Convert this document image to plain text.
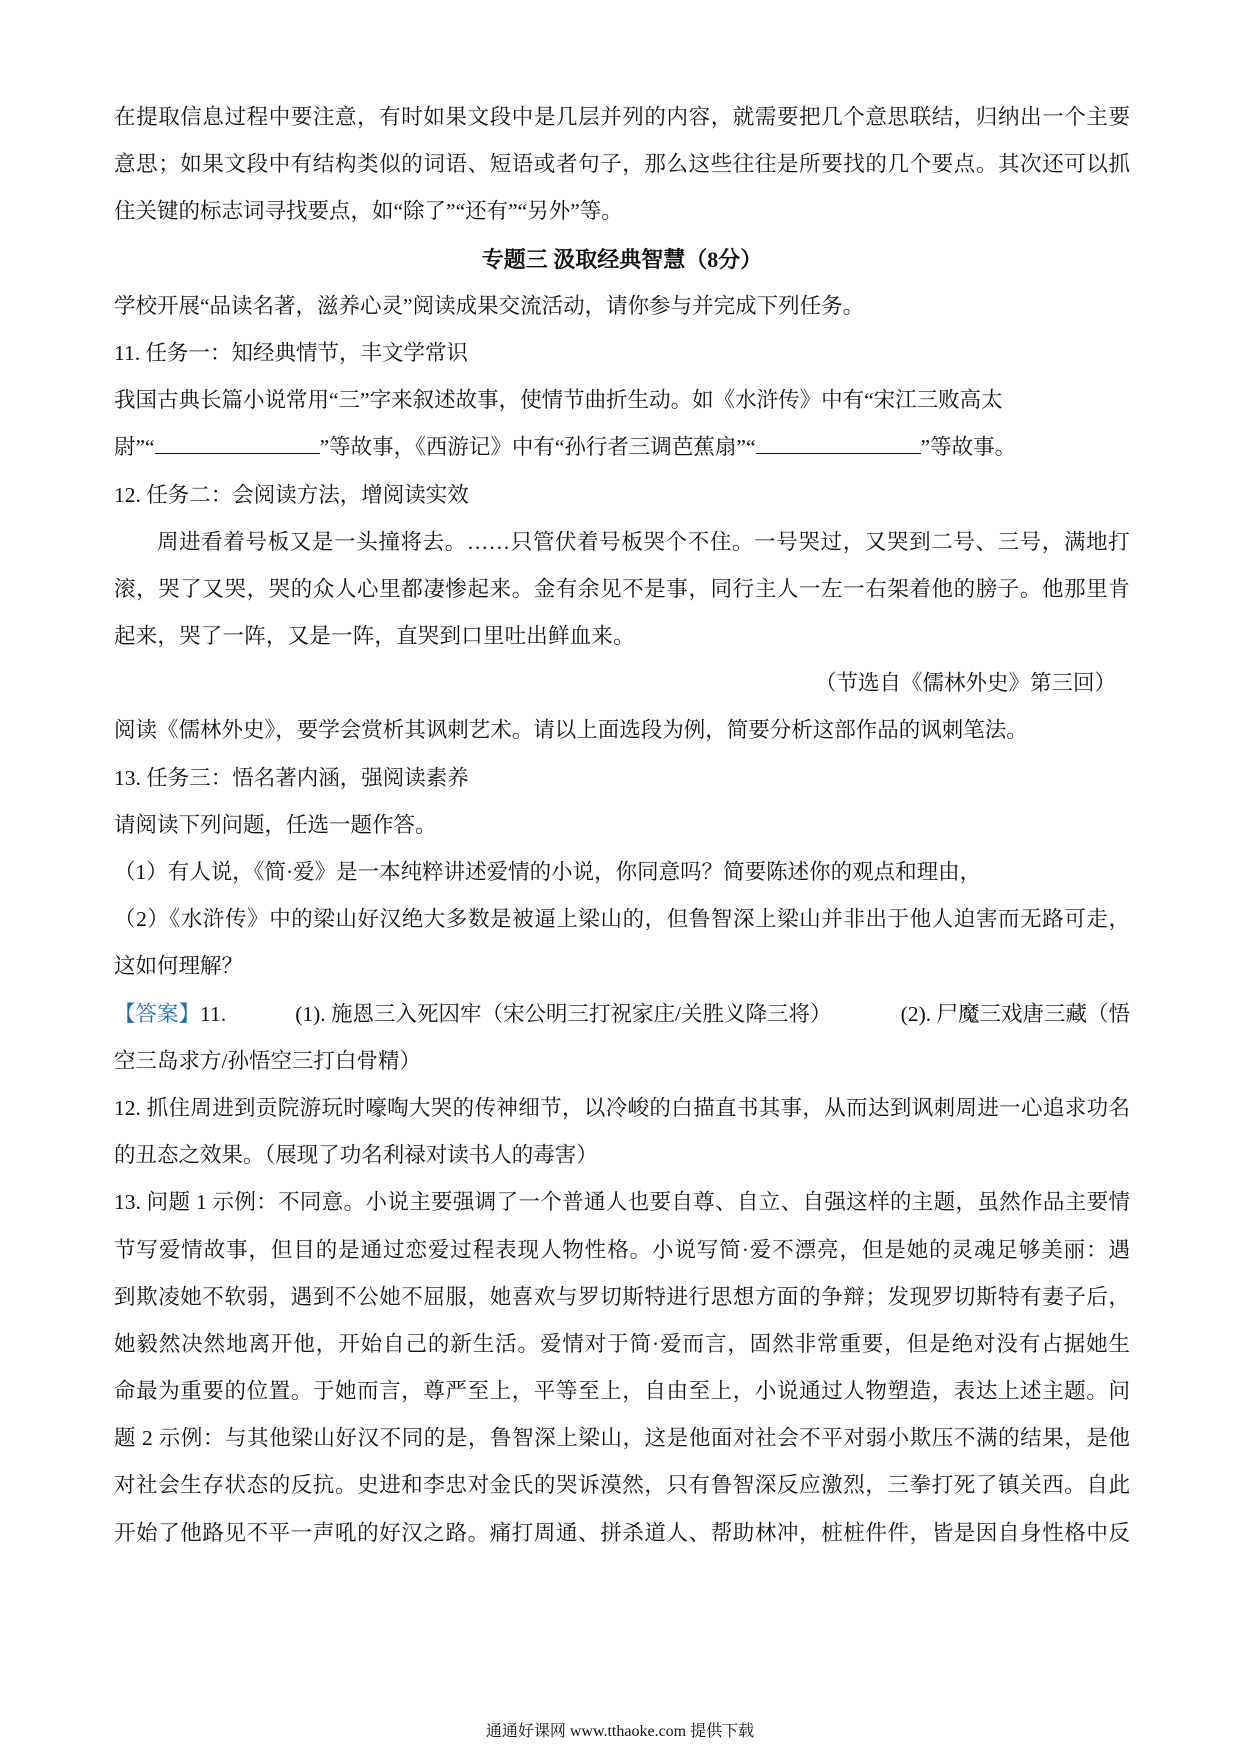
在提取信息过程中要注意，有时如果文段中是几层并列的内容，就需要把几个意思联结，归纳出一个主要
意思；如果文段中有结构类似的词语、短语或者句子，那么这些往往是所要找的几个要点。其次还可以抓
住关键的标志词寻找要点，如“除了”“还有”“另外”等。
专题三 汲取经典智慧（8分）
学校开展“品读名著，滋养心灵”阅读成果交流活动，请你参与并完成下列任务。
11. 任务一：知经典情节，丰文学常识
我国古典长篇小说常用“三”字来叙述故事，使情节曲折生动。如《水浒传》中有“宋江三败高太
尉”“	”等故事，《西游记》中有“孙行者三调芭蕉扇”“	”等故事。
12. 任务二：会阅读方法，增阅读实效
周进看着号板又是一头撞将去。……只管伏着号板哭个不住。一号哭过，又哭到二号、三号，满地打
滚，哭了又哭，哭的众人心里都凄惨起来。金有余见不是事，同行主人一左一右架着他的膀子。他那里肯
起来，哭了一阵，又是一阵，直哭到口里吐出鲜血来。
（节选自《儒林外史》第三回）
阅读《儒林外史》，要学会赏析其讽刺艺术。请以上面选段为例，简要分析这部作品的讽刺笔法。
13. 任务三：悟名著内涵，强阅读素养
请阅读下列问题，任选一题作答。
（1）有人说，《简·爱》是一本纯粹讲述爱情的小说，你同意吗？简要陈述你的观点和理由，
（2）《水浒传》中的梁山好汉绝大多数是被逼上梁山的，但鲁智深上梁山并非出于他人迫害而无路可走，
这如何理解？
【答案】11.	(1). 施恩三入死囚牢（宋公明三打祝家庄/关胜义降三将）	(2). 尸魔三戏唐三藏（悟
空三岛求方/孙悟空三打白骨精）
12. 抓住周进到贡院游玩时嚎啕大哭的传神细节，以冷峻的白描直书其事，从而达到讽刺周进一心追求功名
的丑态之效果。（展现了功名利禄对读书人的毒害）
13. 问题 1 示例：不同意。小说主要强调了一个普通人也要自尊、自立、自强这样的主题，虽然作品主要情
节写爱情故事，但目的是通过恋爱过程表现人物性格。小说写简·爱不漂亮，但是她的灵魂足够美丽：遇
到欺凌她不软弱，遇到不公她不屈服，她喜欢与罗切斯特进行思想方面的争辩；发现罗切斯特有妻子后，
她毅然决然地离开他，开始自己的新生活。爱情对于简·爱而言，固然非常重要，但是绝对没有占据她生
命最为重要的位置。于她而言，尊严至上，平等至上，自由至上，小说通过人物塑造，表达上述主题。问
题 2 示例：与其他梁山好汉不同的是，鲁智深上梁山，这是他面对社会不平对弱小欺压不满的结果，是他
对社会生存状态的反抗。史进和李忠对金氏的哭诉漠然，只有鲁智深反应激烈，三拳打死了镇关西。自此
开始了他路见不平一声吼的好汉之路。痛打周通、拼杀道人、帮助林冲，桩桩件件，皆是因自身性格中反
通通好课网 www.tthaoke.com 提供下载
